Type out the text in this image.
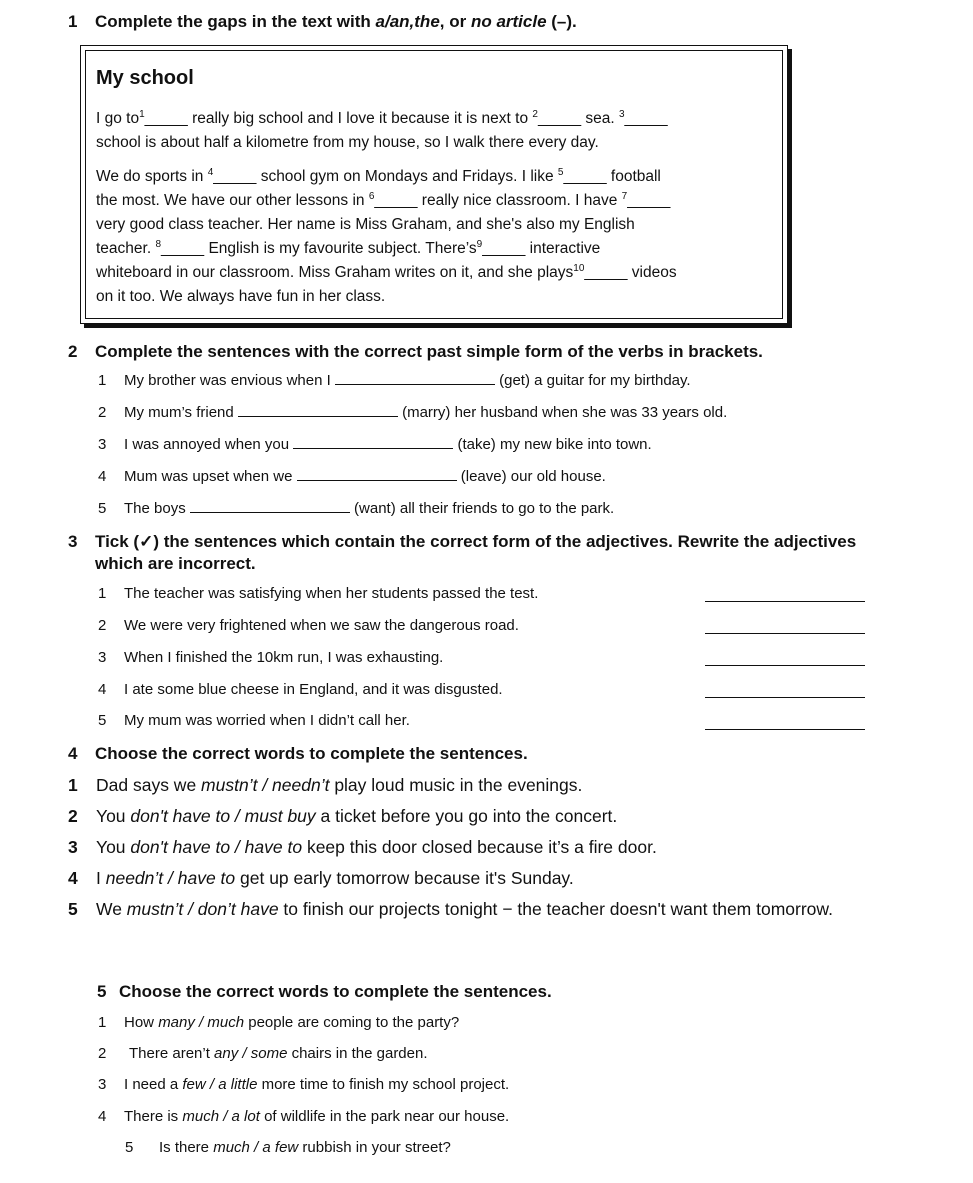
1 Complete the gaps in the text with a/an,the, or no article (–).
My school

I go $to^1\_\_\_\_\_$ really big school and I love it because it is next to $^2$_____ sea. $^3$_____

school is about half a kilometre from my house, so I walk there every day.

We do sports in $^4$_____ school gym on Mondays and Fridays. I like $^5$_____ football

the most. We have our other lessons in $^6$_____ really nice classroom. I have $^7$_____

very good class teacher. Her name is Miss Graham, and she's also my English

teacher. $^8$_____ English is my favourite subject. $There’s^9\_\_\_\_\_$ interactive

whiteboard in our classroom. Miss Graham writes on it, and she plays$^{10}$_____ videos

on it too. We always have fun in her class.

2 Complete the sentences with the correct past simple form of the verbs in brackets.
1 My brother was envious when I	(get) a guitar for my birthday.
2 My mum’s friend	(marry) her husband when she was 33 years old.
3 I was annoyed when you	(take) my new bike into town.
4 Mum was upset when we	(leave) our old house.
5 The boys	(want) all their friends to go to the park.
3 Tick (✓) the sentences which contain the correct form of the adjectives. Rewrite the adjectives
which are incorrect.
1 The teacher was satisfying when her students passed the test.
2 We were very frightened when we saw the dangerous road.
3 When I finished the 10km run, I was exhausting.
4 I ate some blue cheese in England, and it was disgusted.
5 My mum was worried when I didn’t call her.
4 Choose the correct words to complete the sentences.
1 Dad says we mustn’t / needn’t play loud music in the evenings.
2 You don't have to / must buy a ticket before you go into the concert.
3 You don't have to / have to keep this door closed because it’s a fire door.
4 I needn’t / have to get up early tomorrow because it's Sunday.
5 We mustn’t / don’t have to finish our projects tonight − the teacher doesn't want them tomorrow.
5 Choose the correct words to complete the sentences.
1 How many / much people are coming to the party?
2 There aren’t any / some chairs in the garden.
3 I need a few / a little more time to finish my school project.
4 There is much / a lot of wildlife in the park near our house.
5 Is there much / a few rubbish in your street?
